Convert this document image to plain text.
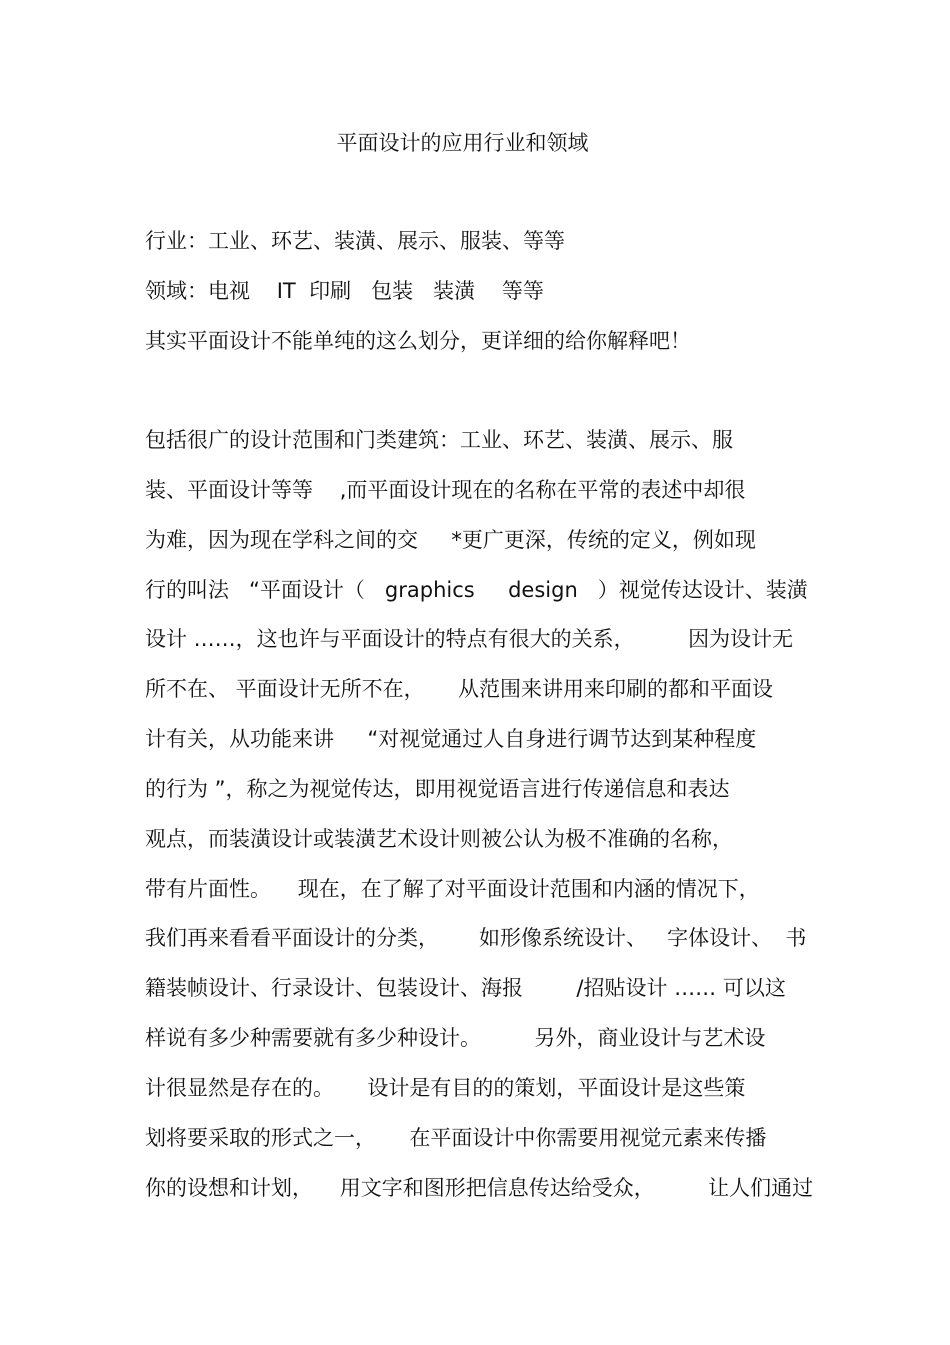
平面设计的应用行业和领域
行业：工业、环艺、装潢、展示、服装、等等
领域：电视    IT  印刷   包装   装潢    等等
其实平面设计不能单纯的这么划分，更详细的给你解释吧！
包括很广的设计范围和门类建筑：工业、环艺、装潢、展示、服
装、平面设计等等    ,而平面设计现在的名称在平常的表述中却很
为难，因为现在学科之间的交     *更广更深，传统的定义，例如现
行的叫法   “平面设计（   graphics     design   ）视觉传达设计、装潢
设计 ……，这也许与平面设计的特点有很大的关系，        因为设计无
所不在、 平面设计无所不在，     从范围来讲用来印刷的都和平面设
计有关，从功能来讲     “对视觉通过人自身进行调节达到某种程度
的行为 ”，称之为视觉传达，即用视觉语言进行传递信息和表达
观点，而装潢设计或装潢艺术设计则被公认为极不准确的名称，
带有片面性。    现在，在了解了对平面设计范围和内涵的情况下，
我们再来看看平面设计的分类，      如形像系统设计、   字体设计、  书
籍装帧设计、行录设计、包装设计、海报        /招贴设计 …… 可以这
样说有多少种需要就有多少种设计。        另外，商业设计与艺术设
计很显然是存在的。     设计是有目的的策划，平面设计是这些策
划将要采取的形式之一，     在平面设计中你需要用视觉元素来传播
你的设想和计划，    用文字和图形把信息传达给受众，        让人们通过
